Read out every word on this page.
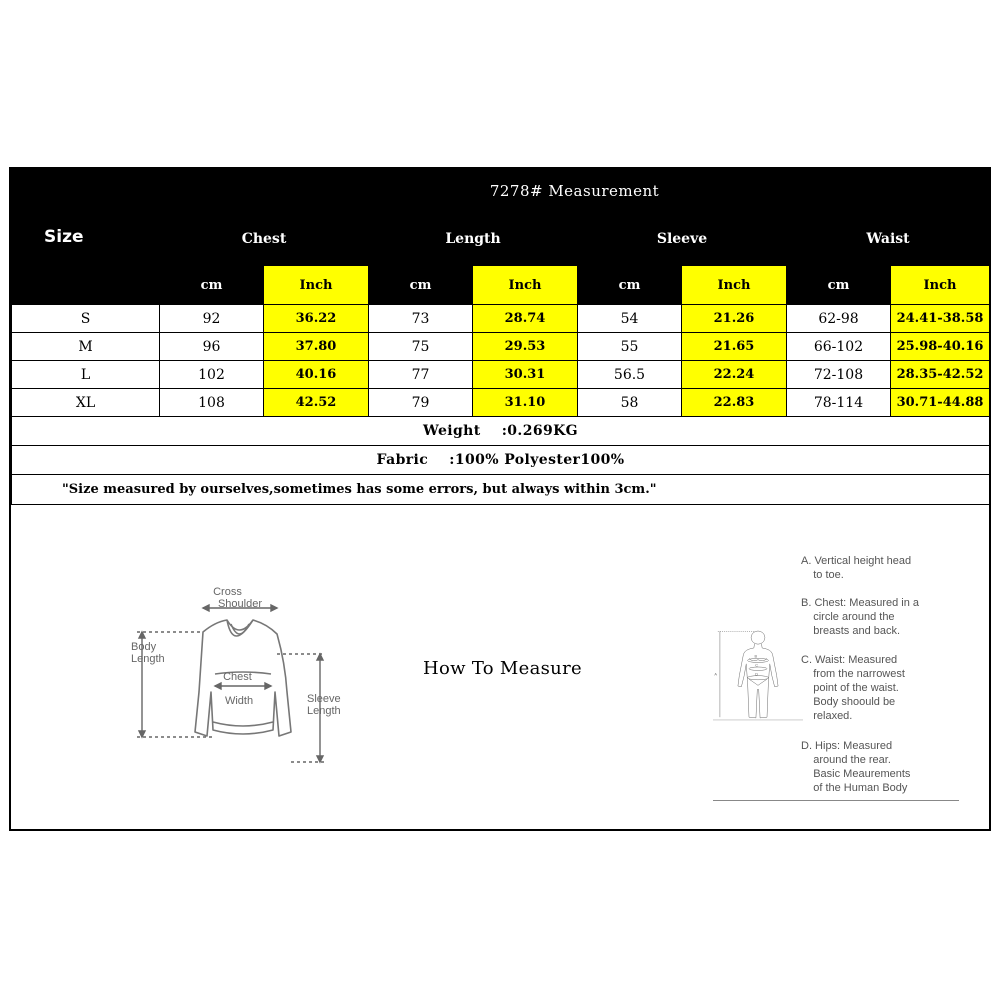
Size	7278# Measurement							
	Chest		Length		Sleeve		Waist	
	cm	Inch	cm	Inch	cm	Inch	cm	Inch
S	92	36.22	73	28.74	54	21.26	62-98	24.41-38.58
M	96	37.80	75	29.53	55	21.65	66-102	25.98-40.16
L	102	40.16	77	30.31	56.5	22.24	72-108	28.35-42.52
XL	108	42.52	79	31.10	58	22.83	78-114	30.71-44.88
Weight    :0.269KG								
Fabric    :100% Polyester100%								
"Size measured by ourselves,sometimes has some errors, but always within 3cm."								
How To Measure
Cross Shoulder
Body Length
Chest Width	Sleeve Length
B
C
D
A
A. Vertical height head
to toe.
B. Chest: Measured in a
circle around the
breasts and back.
C. Waist: Measured
from the narrowest
point of the waist.
Body shoould be
relaxed.
D. Hips: Measured
around the rear.
Basic Meaurements
of the Human Body
